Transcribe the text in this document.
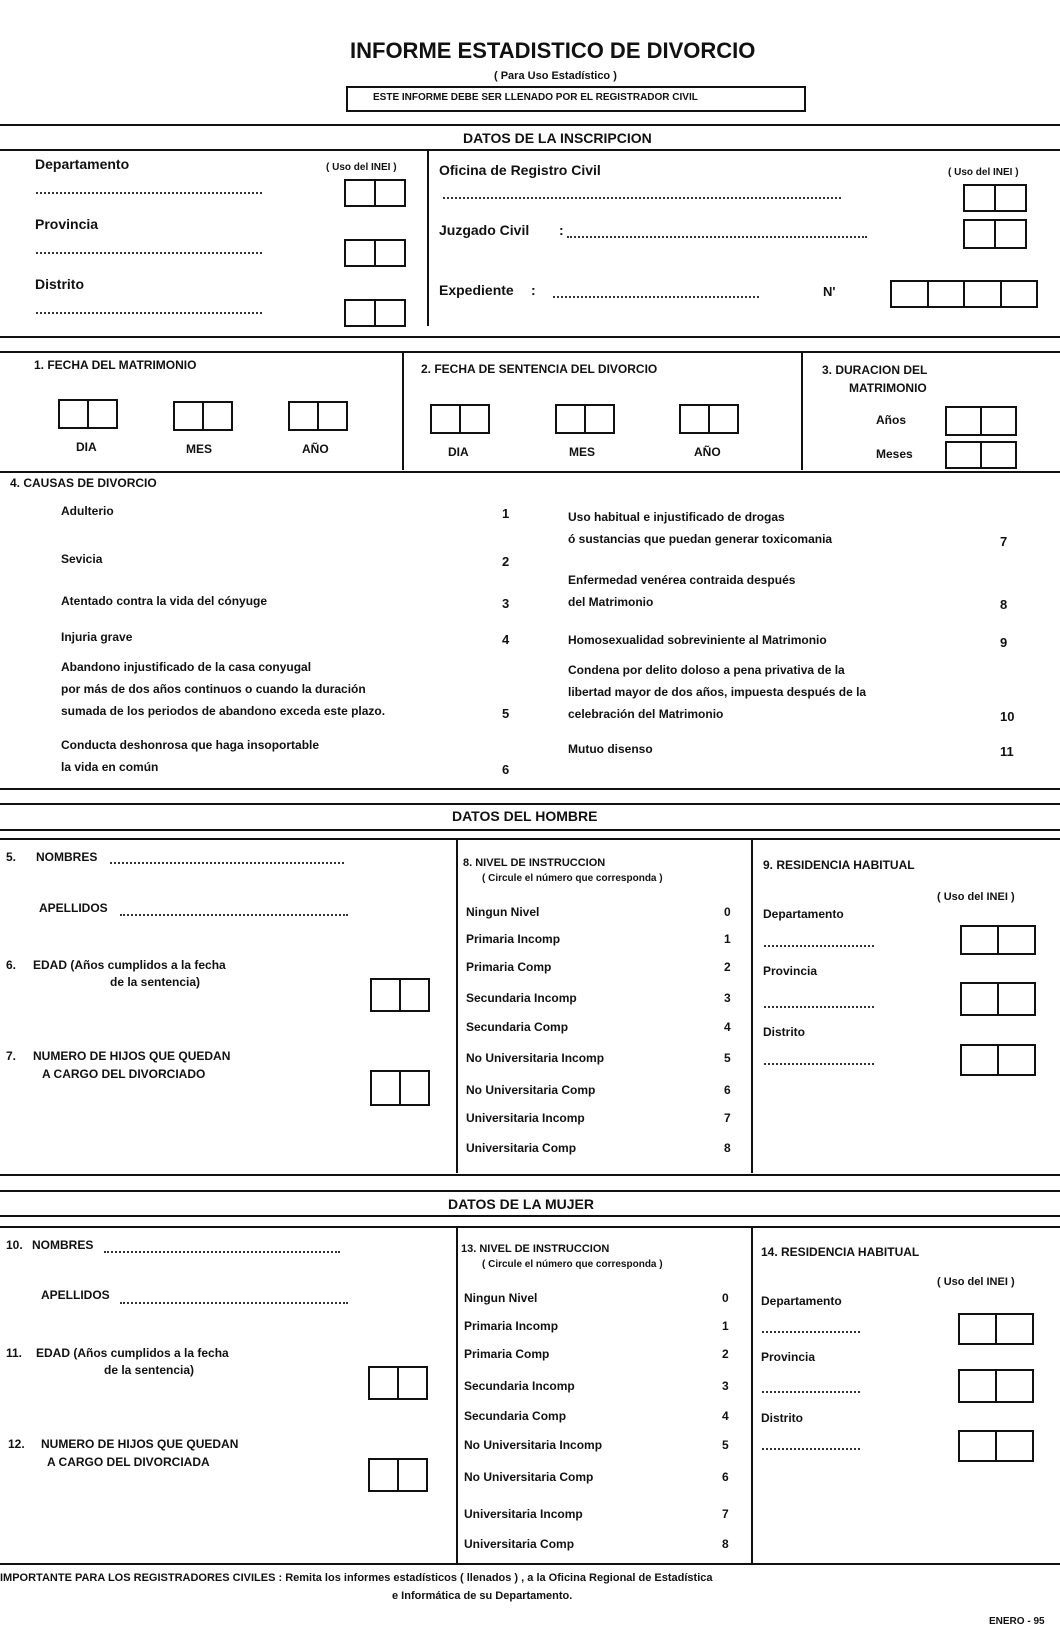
INFORME ESTADISTICO DE DIVORCIO
( Para Uso Estadístico )
ESTE INFORME DEBE SER LLENADO POR EL REGISTRADOR CIVIL
DATOS DE LA INSCRIPCION
Departamento	( Uso del INEI )
Provincia
Distrito
Oficina de Registro Civil	( Uso del INEI )
Juzgado Civil :
Expediente :	N'
1. FECHA DEL MATRIMONIO
DIA	MES	AÑO
2. FECHA DE SENTENCIA DEL DIVORCIO
DIA	MES	AÑO
3. DURACION DEL
MATRIMONIO
Años
Meses
4. CAUSAS DE DIVORCIO
Adulterio	1
Sevicia	2
Atentado contra la vida del cónyuge	3
Injuria grave	4
Abandono injustificado de la casa conyugal
por más de dos años continuos o cuando la duración
sumada de los periodos de abandono exceda este plazo.	5
Conducta deshonrosa que haga insoportable
la vida en común	6
Uso habitual e injustificado de drogas
ó sustancias que puedan generar toxicomania	7
Enfermedad venérea contraida después
del Matrimonio	8
Homosexualidad sobreviniente al Matrimonio	9
Condena por delito doloso a pena privativa de la
libertad mayor de dos años, impuesta después de la
celebración del Matrimonio	10
Mutuo disenso	11
DATOS DEL HOMBRE
5. NOMBRES
APELLIDOS
6. EDAD (Años cumplidos a la fecha
de la sentencia)
7. NUMERO DE HIJOS QUE QUEDAN
A CARGO DEL DIVORCIADO
8. NIVEL DE INSTRUCCION
( Circule el número que corresponda )
Ningun Nivel	0
Primaria Incomp	1
Primaria Comp	2
Secundaria Incomp	3
Secundaria Comp	4
No Universitaria Incomp	5
No Universitaria Comp	6
Universitaria Incomp	7
Universitaria Comp	8
9. RESIDENCIA HABITUAL
( Uso del INEI )
Departamento
Provincia
Distrito
DATOS DE LA MUJER
10. NOMBRES
APELLIDOS
11. EDAD (Años cumplidos a la fecha
de la sentencia)
12. NUMERO DE HIJOS QUE QUEDAN
A CARGO DEL DIVORCIADA
13. NIVEL DE INSTRUCCION
( Circule el número que corresponda )
Ningun Nivel	0
Primaria Incomp	1
Primaria Comp	2
Secundaria Incomp	3
Secundaria Comp	4
No Universitaria Incomp	5
No Universitaria Comp	6
Universitaria Incomp	7
Universitaria Comp	8
14. RESIDENCIA HABITUAL
( Uso del INEI )
Departamento
Provincia
Distrito
IMPORTANTE PARA LOS REGISTRADORES CIVILES : Remita los informes estadísticos ( llenados ) , a la Oficina Regional de Estadística
e Informática de su Departamento.
ENERO - 95
